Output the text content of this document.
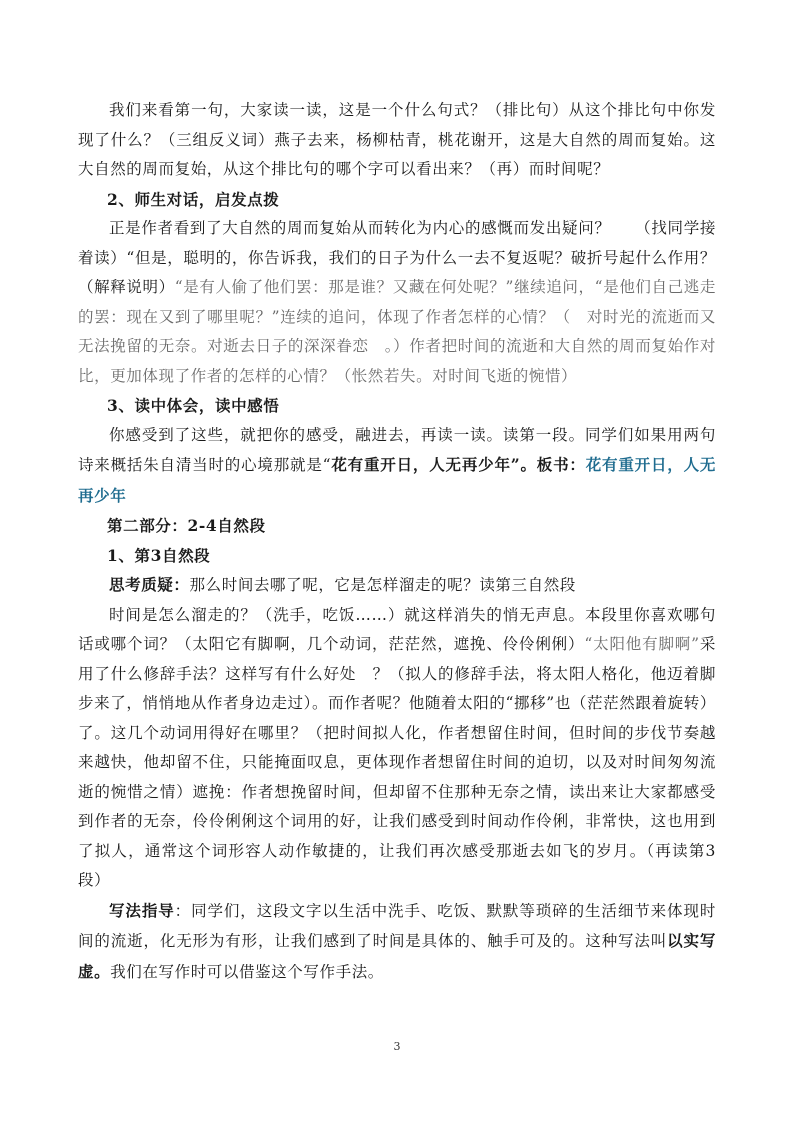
我们来看第一句，大家读一读，这是一个什么句式？（排比句）从这个排比句中你发现了什么？（三组反义词）燕子去来，杨柳枯青，桃花谢开，这是大自然的周而复始。这大自然的周而复始，从这个排比句的哪个字可以看出来？（再）而时间呢？

2、师生对话，启发点拨

正是作者看到了大自然的周而复始从而转化为内心的感慨而发出疑问？　　（找同学接着读）“但是，聪明的，你告诉我，我们的日子为什么一去不复返呢？破折号起什么作用？（解释说明）“是有人偷了他们罢：那是谁？又藏在何处呢？”继续追问，“是他们自己逃走的罢：现在又到了哪里呢？”连续的追问，体现了作者怎样的心情？（　对时光的流逝而又无法挽留的无奈。对逝去日子的深深眷恋　。）作者把时间的流逝和大自然的周而复始作对比，更加体现了作者的怎样的心情？（怅然若失。对时间飞逝的惋惜）

3、读中体会，读中感悟

你感受到了这些，就把你的感受，融进去，再读一读。读第一段。同学们如果用两句诗来概括朱自清当时的心境那就是“花有重开日，人无再少年”。板书：花有重开日，人无再少年

第二部分：2-4自然段

1、第3自然段

思考质疑：那么时间去哪了呢，它是怎样溜走的呢？读第三自然段

时间是怎么溜走的？（洗手，吃饭……）就这样消失的悄无声息。本段里你喜欢哪句话或哪个词？（太阳它有脚啊，几个动词，茫茫然，遮挽、伶伶俐俐）“太阳他有脚啊”采用了什么修辞手法？这样写有什么好处　？（拟人的修辞手法，将太阳人格化，他迈着脚步来了，悄悄地从作者身边走过）。而作者呢？他随着太阳的“挪移”也（茫茫然跟着旋转）了。这几个动词用得好在哪里？（把时间拟人化，作者想留住时间，但时间的步伐节奏越来越快，他却留不住，只能掩面叹息，更体现作者想留住时间的迫切，以及对时间匆匆流逝的惋惜之情）遮挽：作者想挽留时间，但却留不住那种无奈之情，读出来让大家都感受到作者的无奈，伶伶俐俐这个词用的好，让我们感受到时间动作伶俐，非常快，这也用到了拟人，通常这个词形容人动作敏捷的，让我们再次感受那逝去如飞的岁月。（再读第3段）

写法指导：同学们，这段文字以生活中洗手、吃饭、默默等琐碎的生活细节来体现时间的流逝，化无形为有形，让我们感到了时间是具体的、触手可及的。这种写法叫以实写虚。我们在写作时可以借鉴这个写作手法。

3
